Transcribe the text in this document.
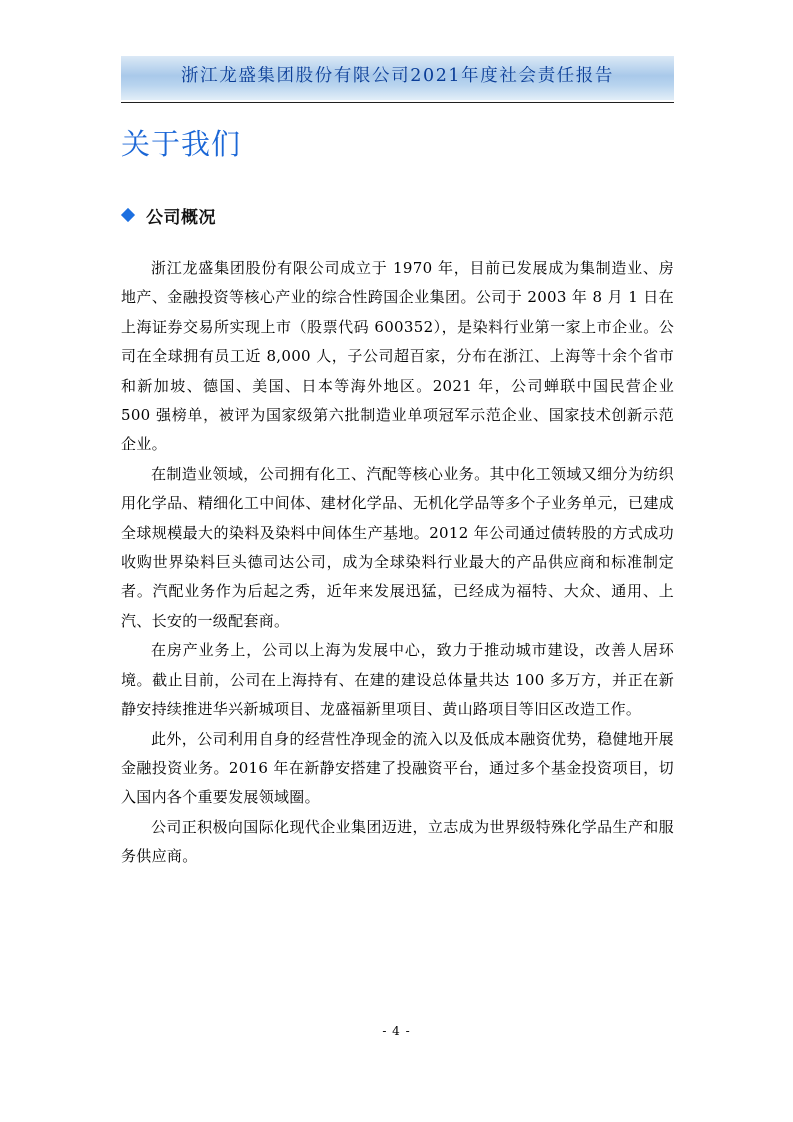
浙江龙盛集团股份有限公司2021年度社会责任报告
关于我们
公司概况

浙江龙盛集团股份有限公司成立于 1970 年，目前已发展成为集制造业、房地产、金融投资等核心产业的综合性跨国企业集团。公司于 2003 年 8 月 1 日在上海证券交易所实现上市（股票代码 600352），是染料行业第一家上市企业。公司在全球拥有员工近 8,000 人，子公司超百家，分布在浙江、上海等十余个省市和新加坡、德国、美国、日本等海外地区。2021 年，公司蝉联中国民营企业 500 强榜单，被评为国家级第六批制造业单项冠军示范企业、国家技术创新示范企业。

在制造业领域，公司拥有化工、汽配等核心业务。其中化工领域又细分为纺织用化学品、精细化工中间体、建材化学品、无机化学品等多个子业务单元，已建成全球规模最大的染料及染料中间体生产基地。2012 年公司通过债转股的方式成功收购世界染料巨头德司达公司，成为全球染料行业最大的产品供应商和标准制定者。汽配业务作为后起之秀，近年来发展迅猛，已经成为福特、大众、通用、上汽、长安的一级配套商。

在房产业务上，公司以上海为发展中心，致力于推动城市建设，改善人居环境。截止目前，公司在上海持有、在建的建设总体量共达 100 多万方，并正在新静安持续推进华兴新城项目、龙盛福新里项目、黄山路项目等旧区改造工作。

此外，公司利用自身的经营性净现金的流入以及低成本融资优势，稳健地开展金融投资业务。2016 年在新静安搭建了投融资平台，通过多个基金投资项目，切入国内各个重要发展领域圈。

公司正积极向国际化现代企业集团迈进，立志成为世界级特殊化学品生产和服务供应商。

- 4 -
